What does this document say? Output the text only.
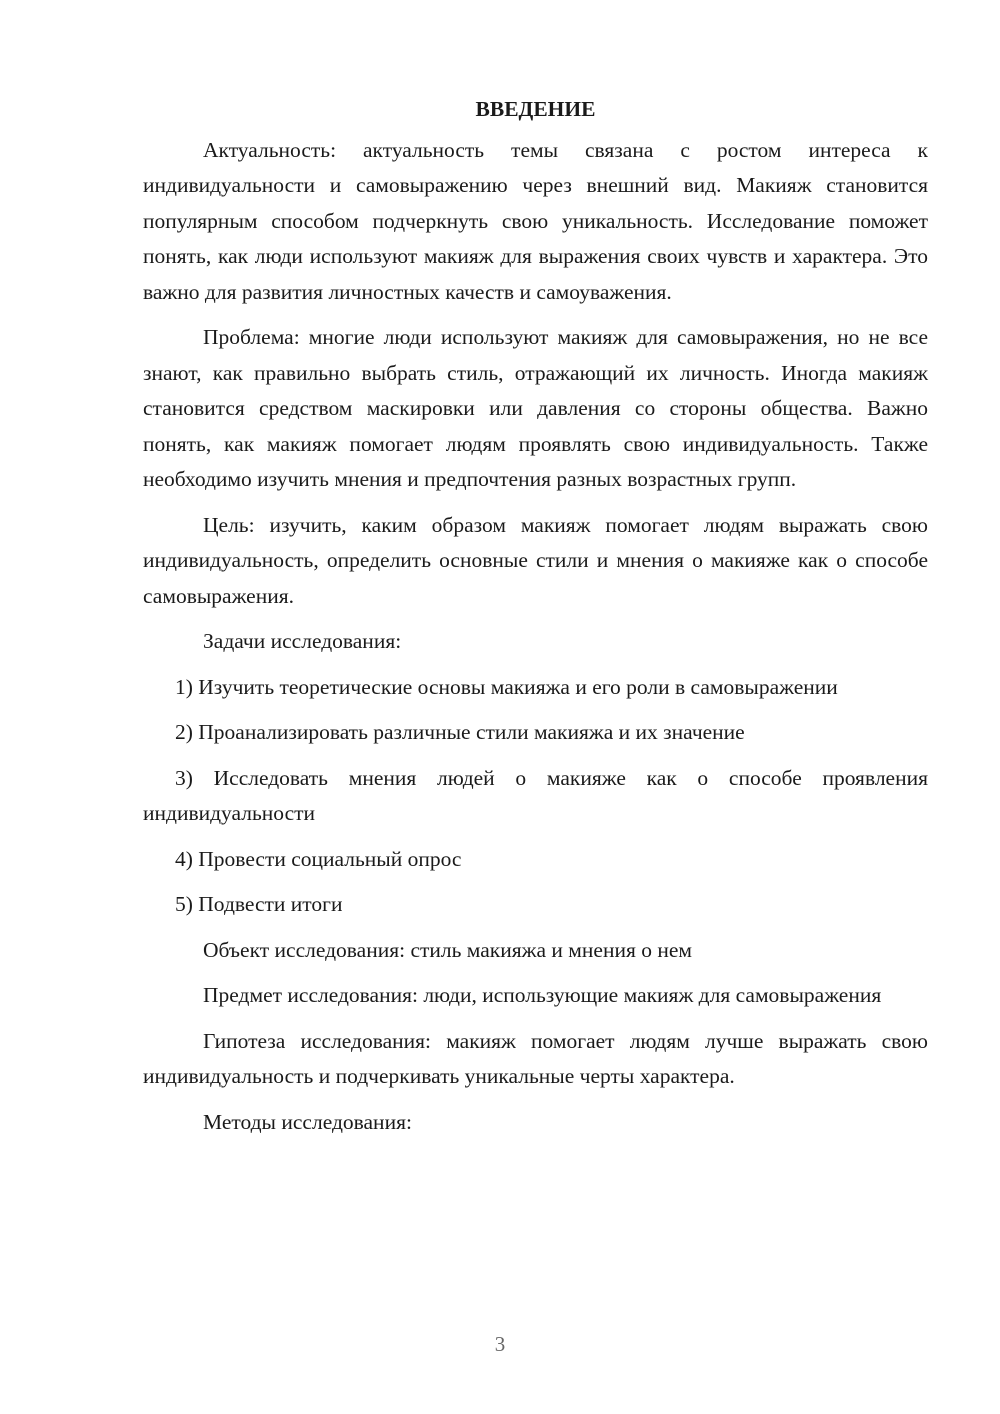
ВВЕДЕНИЕ

Актуальность: актуальность темы связана с ростом интереса к индивидуальности и самовыражению через внешний вид. Макияж становится популярным способом подчеркнуть свою уникальность. Исследование поможет понять, как люди используют макияж для выражения своих чувств и характера. Это важно для развития личностных качеств и самоуважения.

Проблема: многие люди используют макияж для самовыражения, но не все знают, как правильно выбрать стиль, отражающий их личность. Иногда макияж становится средством маскировки или давления со стороны общества. Важно понять, как макияж помогает людям проявлять свою индивидуальность. Также необходимо изучить мнения и предпочтения разных возрастных групп.

Цель: изучить, каким образом макияж помогает людям выражать свою индивидуальность, определить основные стили и мнения о макияже как о способе самовыражения.

Задачи исследования:

1) Изучить теоретические основы макияжа и его роли в самовыражении

2) Проанализировать различные стили макияжа и их значение

3) Исследовать мнения людей о макияже как о способе проявления индивидуальности

4) Провести социальный опрос

5) Подвести итоги

Объект исследования: стиль макияжа и мнения о нем

Предмет исследования: люди, использующие макияж для самовыражения

Гипотеза исследования: макияж помогает людям лучше выражать свою индивидуальность и подчеркивать уникальные черты характера.

Методы исследования:

3
